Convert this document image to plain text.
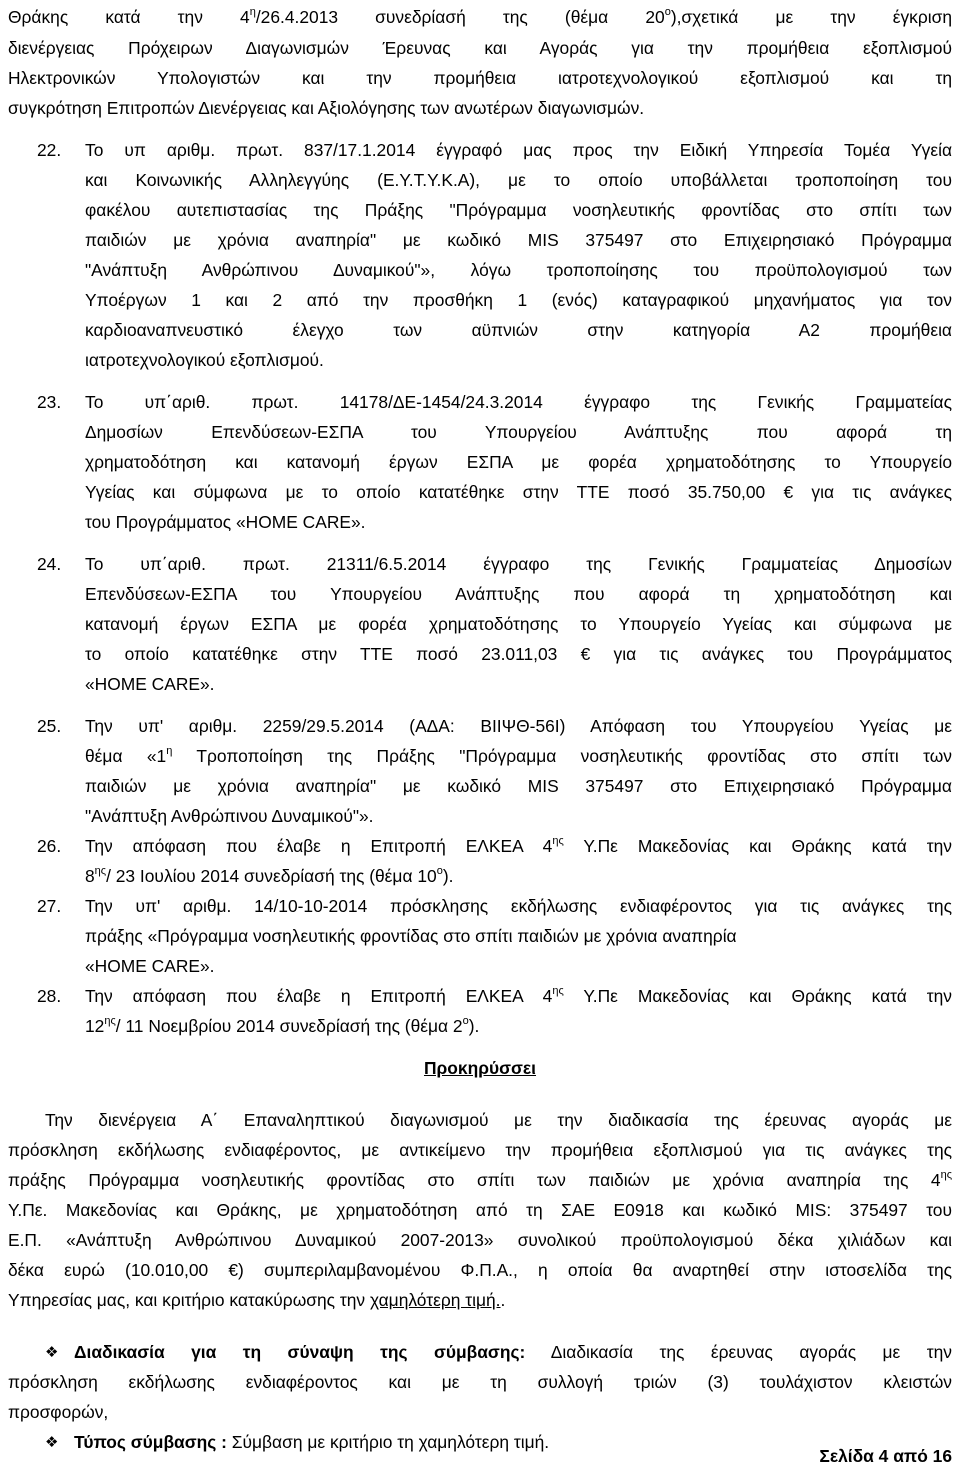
Θράκης κατά την $4^\eta/26.4.2013$ συνεδρίασή της (θέμα $20^o),\sigma\chi\varepsilon\tau\iota\kappa ά$ με την έγκριση
διενέργειας Πρόχειρων Διαγωνισμών Έρευνας και Αγοράς για την προμήθεια εξοπλισμού
Ηλεκτρονικών Υπολογιστών και την προμήθεια ιατροτεχνολογικού εξοπλισμού και τη
συγκρότηση Επιτροπών Διενέργειας και Αξιολόγησης των ανωτέρων διαγωνισμών.
22. Το υπ αριθμ. πρωτ. 837/17.1.2014 έγγραφό μας προς την Ειδική Υπηρεσία Τομέα Υγεία
και Κοινωνικής Αλληλεγγύης (Ε.Υ.Τ.Υ.Κ.Α), με το οποίο υποβάλλεται τροποποίηση του
φακέλου αυτεπιστασίας της Πράξης "Πρόγραμμα νοσηλευτικής φροντίδας στο σπίτι των
παιδιών με χρόνια αναπηρία" με κωδικό MIS 375497 στο Επιχειρησιακό Πρόγραμμα
"Ανάπτυξη Ανθρώπινου Δυναμικού"», λόγω τροποποίησης του προϋπολογισμού των
Υποέργων 1 και 2 από την προσθήκη 1 (ενός) καταγραφικού μηχανήματος για τον
καρδιοαναπνευστικό έλεγχο των αϋπνιών στην κατηγορία Α2 προμήθεια
ιατροτεχνολογικού εξοπλισμού.
23. Το υπ΄αριθ. πρωτ. 14178/ΔΕ-1454/24.3.2014 έγγραφο της Γενικής Γραμματείας
Δημοσίων Επενδύσεων-ΕΣΠΑ του Υπουργείου Ανάπτυξης που αφορά τη
χρηματοδότηση και κατανομή έργων ΕΣΠΑ με φορέα χρηματοδότησης το Υπουργείο
Υγείας και σύμφωνα με το οποίο κατατέθηκε στην ΤΤΕ ποσό 35.750,00 € για τις ανάγκες
του Προγράμματος «HOME CARE».
24. Το υπ΄αριθ. πρωτ. 21311/6.5.2014 έγγραφο της Γενικής Γραμματείας Δημοσίων
Επενδύσεων-ΕΣΠΑ του Υπουργείου Ανάπτυξης που αφορά τη χρηματοδότηση και
κατανομή έργων ΕΣΠΑ με φορέα χρηματοδότησης το Υπουργείο Υγείας και σύμφωνα με
το οποίο κατατέθηκε στην ΤΤΕ ποσό 23.011,03 € για τις ανάγκες του Προγράμματος
«HOME CARE».
25. Την υπ' αριθμ. 2259/29.5.2014 (ΑΔΑ: ΒΙΙΨΘ-56Ι) Απόφαση του Υπουργείου Υγείας με
θέμα «$1^\eta$ Τροποποίηση της Πράξης "Πρόγραμμα νοσηλευτικής φροντίδας στο σπίτι των
παιδιών με χρόνια αναπηρία" με κωδικό MIS 375497 στο Επιχειρησιακό Πρόγραμμα
"Ανάπτυξη Ανθρώπινου Δυναμικού"».
26. Την απόφαση που έλαβε η Επιτροπή ΕΛΚΕΑ $4^{\eta\varsigma}$ Υ.Πε Μακεδονίας και Θράκης κατά την
$8^{\eta\varsigma}/$ 23 Ιουλίου 2014 συνεδρίασή της (θέμα $10^o$).
27. Την υπ' αριθμ. 14/10-10-2014 πρόσκλησης εκδήλωσης ενδιαφέροντος για τις ανάγκες της
πράξης «Πρόγραμμα νοσηλευτικής φροντίδας στο σπίτι παιδιών με χρόνια αναπηρία
«HOME CARE».
28. Την απόφαση που έλαβε η Επιτροπή ΕΛΚΕΑ $4^{\eta\varsigma}$ Υ.Πε Μακεδονίας και Θράκης κατά την
$12^{\eta\varsigma}/$ 11 Νοεμβρίου 2014 συνεδρίασή της (θέμα $2^o$).
Προκηρύσσει
Την διενέργεια Α΄ Επαναληπτικού διαγωνισμού με την διαδικασία της έρευνας αγοράς με
πρόσκληση εκδήλωσης ενδιαφέροντος, με αντικείμενο την προμήθεια εξοπλισμού για τις ανάγκες της
πράξης Πρόγραμμα νοσηλευτικής φροντίδας στο σπίτι των παιδιών με χρόνια αναπηρία της $4^{\eta\varsigma}$
Υ.Πε. Μακεδονίας και Θράκης, με χρηματοδότηση από τη ΣΑΕ Ε0918 και κωδικό MIS: 375497 του
Ε.Π. «Ανάπτυξη Ανθρώπινου Δυναμικού 2007-2013» συνολικού προϋπολογισμού δέκα χιλιάδων και
δέκα ευρώ (10.010,00 €) συμπεριλαμβανομένου Φ.Π.Α., η οποία θα αναρτηθεί στην ιστοσελίδα της
Υπηρεσίας μας, και κριτήριο κατακύρωσης την χαμηλότερη τιμή..
❖ Διαδικασία για τη σύναψη της σύμβασης: Διαδικασία της έρευνας αγοράς με την
πρόσκληση εκδήλωσης ενδιαφέροντος και με τη συλλογή τριών (3) τουλάχιστον κλειστών
προσφορών,
❖ Τύπος σύμβασης : Σύμβαση με κριτήριο τη χαμηλότερη τιμή.
Σελίδα 4 από 16
